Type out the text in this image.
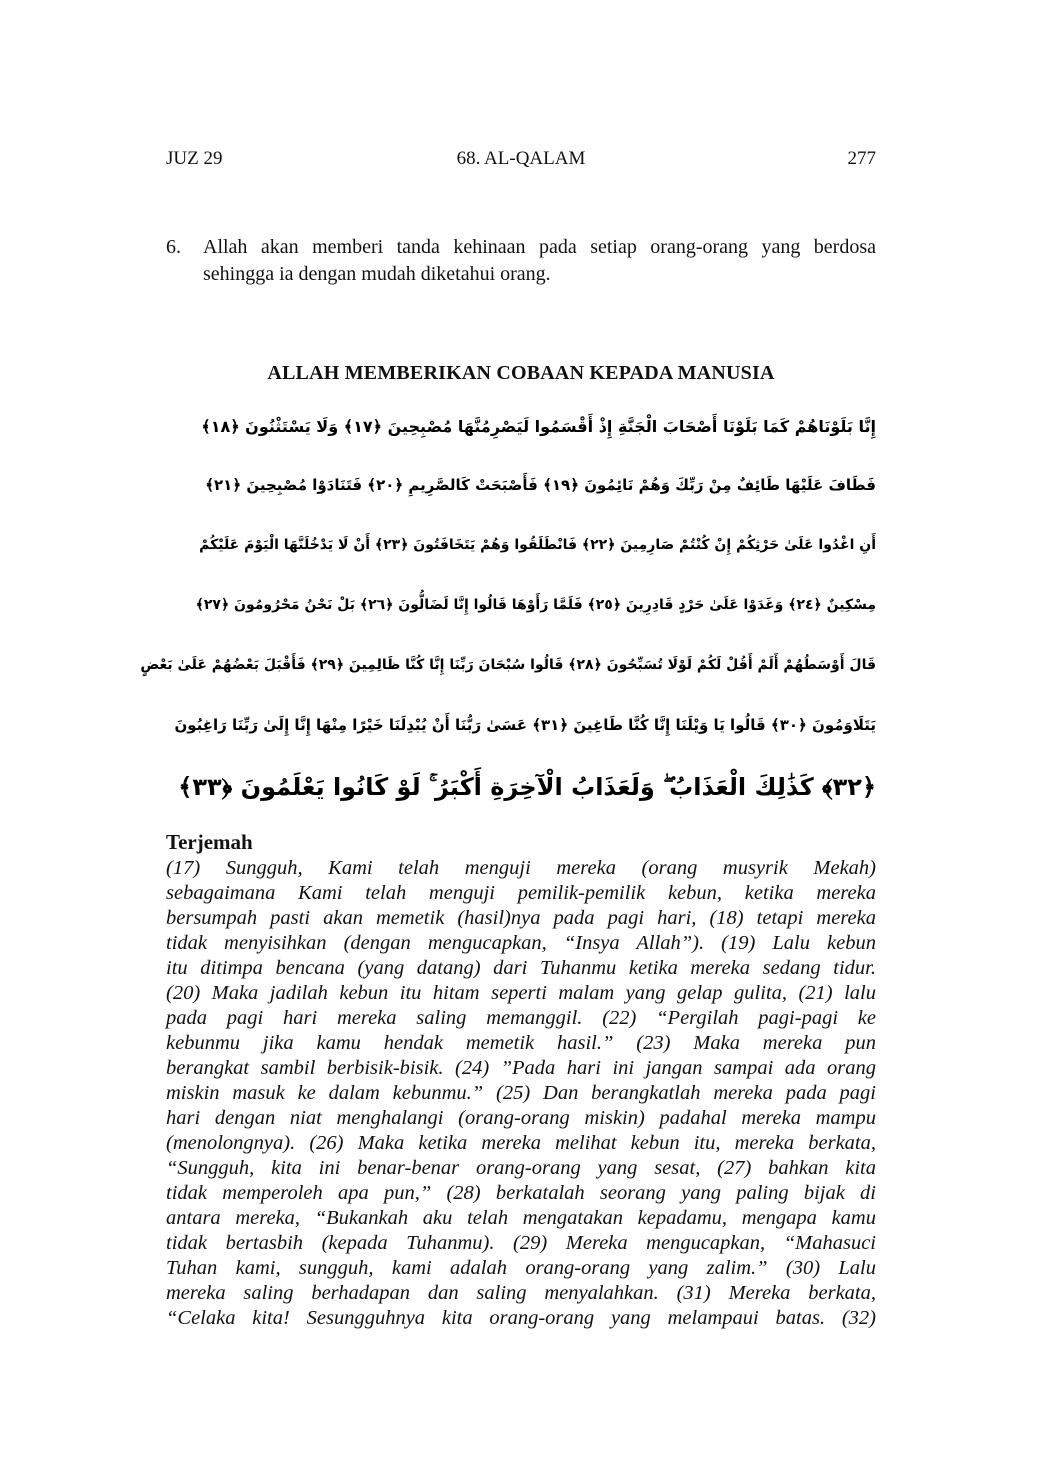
JUZ 29	68. AL-QALAM	277
6. Allah akan memberi tanda kehinaan pada setiap orang-orang yang berdosa sehingga ia dengan mudah diketahui orang.
ALLAH MEMBERIKAN COBAAN KEPADA MANUSIA
إِنَّا بَلَوْنَاهُمْ كَمَا بَلَوْنَا أَصْحَابَ الْجَنَّةِ إِذْ أَقْسَمُوا لَيَصْرِمُنَّهَا مُصْبِحِينَ ﴿١٧﴾ وَلَا يَسْتَثْنُونَ ﴿١٨﴾
فَطَافَ عَلَيْهَا طَائِفٌ مِنْ رَبِّكَ وَهُمْ نَائِمُونَ ﴿١٩﴾ فَأَصْبَحَتْ كَالصَّرِيمِ ﴿٢٠﴾ فَتَنَادَوْا مُصْبِحِينَ ﴿٢١﴾
أَنِ اغْدُوا عَلَىٰ حَرْثِكُمْ إِنْ كُنْتُمْ صَارِمِينَ ﴿٢٢﴾ فَانْطَلَقُوا وَهُمْ يَتَخَافَتُونَ ﴿٢٣﴾ أَنْ لَا يَدْخُلَنَّهَا الْيَوْمَ عَلَيْكُمْ
مِسْكِينٌ ﴿٢٤﴾ وَغَدَوْا عَلَىٰ حَرْدٍ قَادِرِينَ ﴿٢٥﴾ فَلَمَّا رَأَوْهَا قَالُوا إِنَّا لَضَالُّونَ ﴿٢٦﴾ بَلْ نَحْنُ مَحْرُومُونَ ﴿٢٧﴾
قَالَ أَوْسَطُهُمْ أَلَمْ أَقُلْ لَكُمْ لَوْلَا تُسَبِّحُونَ ﴿٢٨﴾ قَالُوا سُبْحَانَ رَبِّنَا إِنَّا كُنَّا ظَالِمِينَ ﴿٢٩﴾ فَأَقْبَلَ بَعْضُهُمْ عَلَىٰ بَعْضٍ
يَتَلَاوَمُونَ ﴿٣٠﴾ قَالُوا يَا وَيْلَنَا إِنَّا كُنَّا طَاغِينَ ﴿٣١﴾ عَسَىٰ رَبُّنَا أَنْ يُبْدِلَنَا خَيْرًا مِنْهَا إِنَّا إِلَىٰ رَبِّنَا رَاغِبُونَ
﴿٣٢﴾ كَذَٰلِكَ الْعَذَابُ ۖ وَلَعَذَابُ الْآخِرَةِ أَكْبَرُ ۚ لَوْ كَانُوا يَعْلَمُونَ ﴿٣٣﴾
Terjemah
(17) Sungguh, Kami telah menguji mereka (orang musyrik Mekah)
sebagaimana Kami telah menguji pemilik-pemilik kebun, ketika mereka
bersumpah pasti akan memetik (hasil)nya pada pagi hari, (18) tetapi mereka
tidak menyisihkan (dengan mengucapkan, “Insya Allah”). (19) Lalu kebun
itu ditimpa bencana (yang datang) dari Tuhanmu ketika mereka sedang tidur.
(20) Maka jadilah kebun itu hitam seperti malam yang gelap gulita, (21) lalu
pada pagi hari mereka saling memanggil. (22) “Pergilah pagi-pagi ke
kebunmu jika kamu hendak memetik hasil.” (23) Maka mereka pun
berangkat sambil berbisik-bisik. (24) ”Pada hari ini jangan sampai ada orang
miskin masuk ke dalam kebunmu.” (25) Dan berangkatlah mereka pada pagi
hari dengan niat menghalangi (orang-orang miskin) padahal mereka mampu
(menolongnya). (26) Maka ketika mereka melihat kebun itu, mereka berkata,
“Sungguh, kita ini benar-benar orang-orang yang sesat, (27) bahkan kita
tidak memperoleh apa pun,” (28) berkatalah seorang yang paling bijak di
antara mereka, “Bukankah aku telah mengatakan kepadamu, mengapa kamu
tidak bertasbih (kepada Tuhanmu). (29) Mereka mengucapkan, “Mahasuci
Tuhan kami, sungguh, kami adalah orang-orang yang zalim.” (30) Lalu
mereka saling berhadapan dan saling menyalahkan. (31) Mereka berkata,
“Celaka kita! Sesungguhnya kita orang-orang yang melampaui batas. (32)
